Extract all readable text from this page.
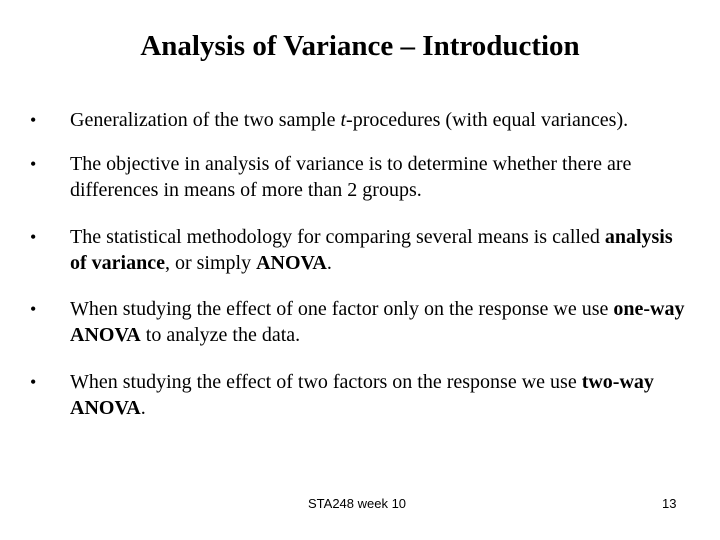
Analysis of Variance – Introduction
•	Generalization of the two sample t-procedures (with equal variances).
•	The objective in analysis of variance is to determine whether there are differences in means of more than 2 groups.
•	The statistical methodology for comparing several means is called analysis of variance, or simply ANOVA.
•	When studying the effect of one factor only on the response we use one-way ANOVA to analyze the data.
•	When studying the effect of two factors on the response we use two-way ANOVA.
STA248 week 10	13
